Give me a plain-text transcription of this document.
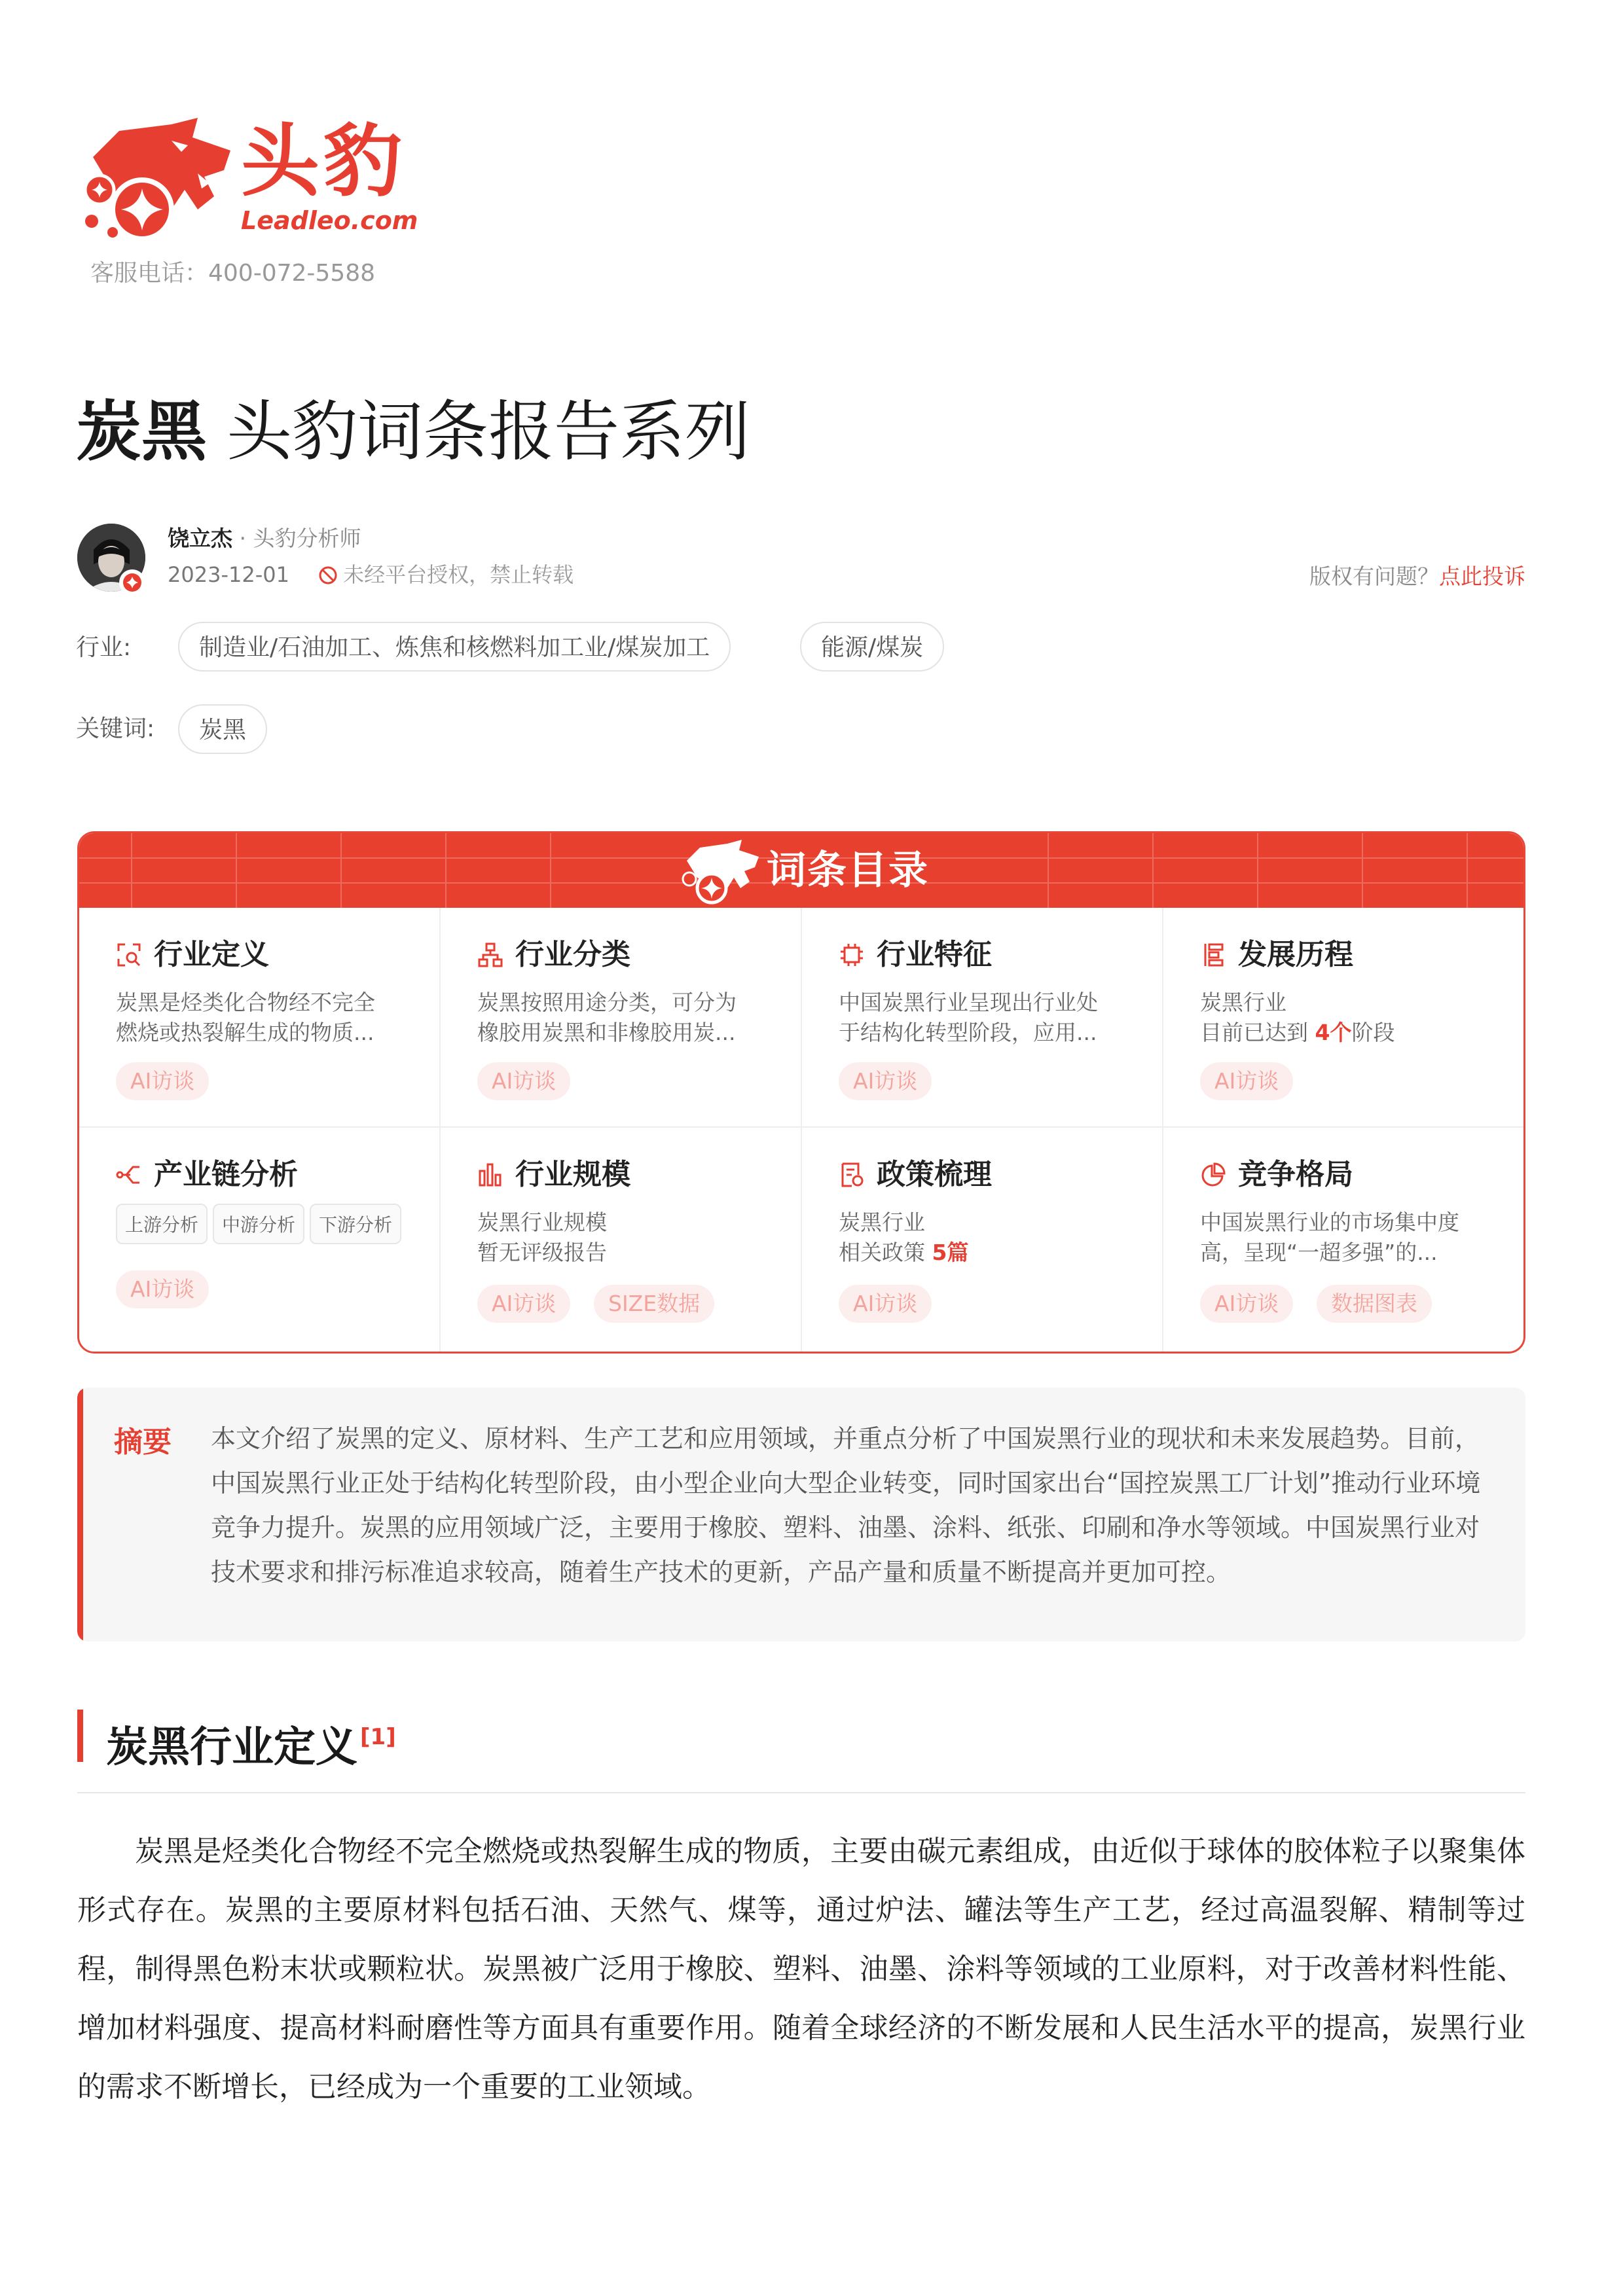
头豹
Leadleo.com
客服电话：400-072-5588
炭黑 头豹词条报告系列
饶立杰 · 头豹分析师
2023-12-01	未经平台授权，禁止转载	版权有问题？点此投诉
行业:	制造业/石油加工、炼焦和核燃料加工业/煤炭加工	能源/煤炭
关键词:	炭黑
词条目录
行业定义
炭黑是烃类化合物经不完全
燃烧或热裂解生成的物质...
AI访谈
行业分类
炭黑按照用途分类，可分为
橡胶用炭黑和非橡胶用炭...
AI访谈
行业特征
中国炭黑行业呈现出行业处
于结构化转型阶段，应用...
AI访谈
发展历程
炭黑行业
目前已达到 4个阶段
AI访谈
产业链分析
上游分析	中游分析	下游分析
AI访谈
行业规模
炭黑行业规模
暂无评级报告
AI访谈	SIZE数据
政策梳理
炭黑行业
相关政策 5篇
AI访谈
竞争格局
中国炭黑行业的市场集中度
高，呈现“一超多强”的...
AI访谈	数据图表
摘要 本文介绍了炭黑的定义、原材料、生产工艺和应用领域，并重点分析了中国炭黑行业的现状和未来发展趋势。目前，中国炭黑行业正处于结构化转型阶段，由小型企业向大型企业转变，同时国家出台“国控炭黑工厂计划”推动行业环境竞争力提升。炭黑的应用领域广泛，主要用于橡胶、塑料、油墨、涂料、纸张、印刷和净水等领域。中国炭黑行业对技术要求和排污标准追求较高，随着生产技术的更新，产品产量和质量不断提高并更加可控。
炭黑行业定义 [1]
炭黑是烃类化合物经不完全燃烧或热裂解生成的物质，主要由碳元素组成，由近似于球体的胶体粒子以聚集体形式存在。炭黑的主要原材料包括石油、天然气、煤等，通过炉法、罐法等生产工艺，经过高温裂解、精制等过程，制得黑色粉末状或颗粒状。炭黑被广泛用于橡胶、塑料、油墨、涂料等领域的工业原料，对于改善材料性能、增加材料强度、提高材料耐磨性等方面具有重要作用。随着全球经济的不断发展和人民生活水平的提高，炭黑行业的需求不断增长，已经成为一个重要的工业领域。
